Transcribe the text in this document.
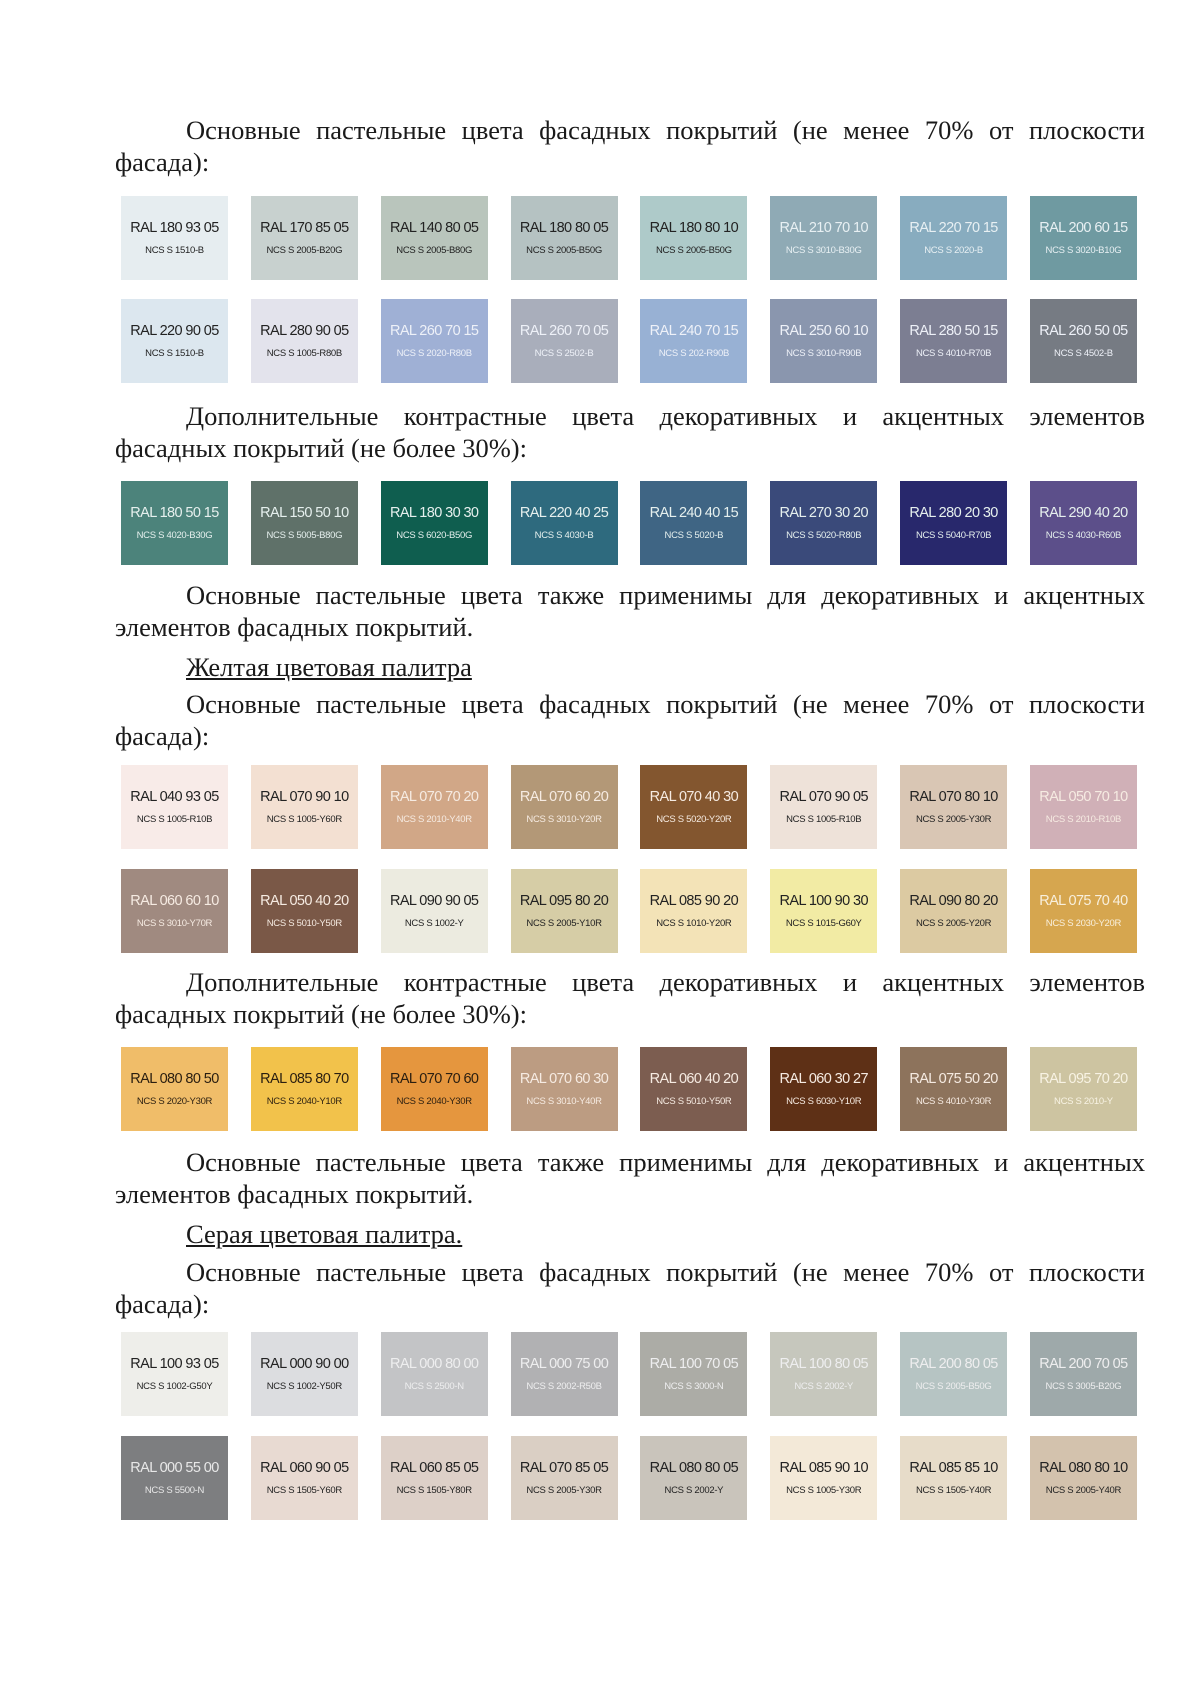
Основные пастельные цвета фасадных покрытий (не менее 70% от плоскости фасада):

RAL 180 93 05
NCS S 1510-B
RAL 170 85 05
NCS S 2005-B20G
RAL 140 80 05
NCS S 2005-B80G
RAL 180 80 05
NCS S 2005-B50G
RAL 180 80 10
NCS S 2005-B50G
RAL 210 70 10
NCS S 3010-B30G
RAL 220 70 15
NCS S 2020-B
RAL 200 60 15
NCS S 3020-B10G
RAL 220 90 05
NCS S 1510-B
RAL 280 90 05
NCS S 1005-R80B
RAL 260 70 15
NCS S 2020-R80B
RAL 260 70 05
NCS S 2502-B
RAL 240 70 15
NCS S 202-R90B
RAL 250 60 10
NCS S 3010-R90B
RAL 280 50 15
NCS S 4010-R70B
RAL 260 50 05
NCS S 4502-B

Дополнительные контрастные цвета декоративных и акцентных элементов фасадных покрытий (не более 30%):

RAL 180 50 15
NCS S 4020-B30G
RAL 150 50 10
NCS S 5005-B80G
RAL 180 30 30
NCS S 6020-B50G
RAL 220 40 25
NCS S 4030-B
RAL 240 40 15
NCS S 5020-B
RAL 270 30 20
NCS S 5020-R80B
RAL 280 20 30
NCS S 5040-R70B
RAL 290 40 20
NCS S 4030-R60B

Основные пастельные цвета также применимы для декоративных и акцентных элементов фасадных покрытий.

Желтая цветовая палитра

Основные пастельные цвета фасадных покрытий (не менее 70% от плоскости фасада):

RAL 040 93 05
NCS S 1005-R10B
RAL 070 90 10
NCS S 1005-Y60R
RAL 070 70 20
NCS S 2010-Y40R
RAL 070 60 20
NCS S 3010-Y20R
RAL 070 40 30
NCS S 5020-Y20R
RAL 070 90 05
NCS S 1005-R10B
RAL 070 80 10
NCS S 2005-Y30R
RAL 050 70 10
NCS S 2010-R10B
RAL 060 60 10
NCS S 3010-Y70R
RAL 050 40 20
NCS S 5010-Y50R
RAL 090 90 05
NCS S 1002-Y
RAL 095 80 20
NCS S 2005-Y10R
RAL 085 90 20
NCS S 1010-Y20R
RAL 100 90 30
NCS S 1015-G60Y
RAL 090 80 20
NCS S 2005-Y20R
RAL 075 70 40
NCS S 2030-Y20R

Дополнительные контрастные цвета декоративных и акцентных элементов фасадных покрытий (не более 30%):

RAL 080 80 50
NCS S 2020-Y30R
RAL 085 80 70
NCS S 2040-Y10R
RAL 070 70 60
NCS S 2040-Y30R
RAL 070 60 30
NCS S 3010-Y40R
RAL 060 40 20
NCS S 5010-Y50R
RAL 060 30 27
NCS S 6030-Y10R
RAL 075 50 20
NCS S 4010-Y30R
RAL 095 70 20
NCS S 2010-Y

Основные пастельные цвета также применимы для декоративных и акцентных элементов фасадных покрытий.

Серая цветовая палитра.

Основные пастельные цвета фасадных покрытий (не менее 70% от плоскости фасада):

RAL 100 93 05
NCS S 1002-G50Y
RAL 000 90 00
NCS S 1002-Y50R
RAL 000 80 00
NCS S 2500-N
RAL 000 75 00
NCS S 2002-R50B
RAL 100 70 05
NCS S 3000-N
RAL 100 80 05
NCS S 2002-Y
RAL 200 80 05
NCS S 2005-B50G
RAL 200 70 05
NCS S 3005-B20G
RAL 000 55 00
NCS S 5500-N
RAL 060 90 05
NCS S 1505-Y60R
RAL 060 85 05
NCS S 1505-Y80R
RAL 070 85 05
NCS S 2005-Y30R
RAL 080 80 05
NCS S 2002-Y
RAL 085 90 10
NCS S 1005-Y30R
RAL 085 85 10
NCS S 1505-Y40R
RAL 080 80 10
NCS S 2005-Y40R
